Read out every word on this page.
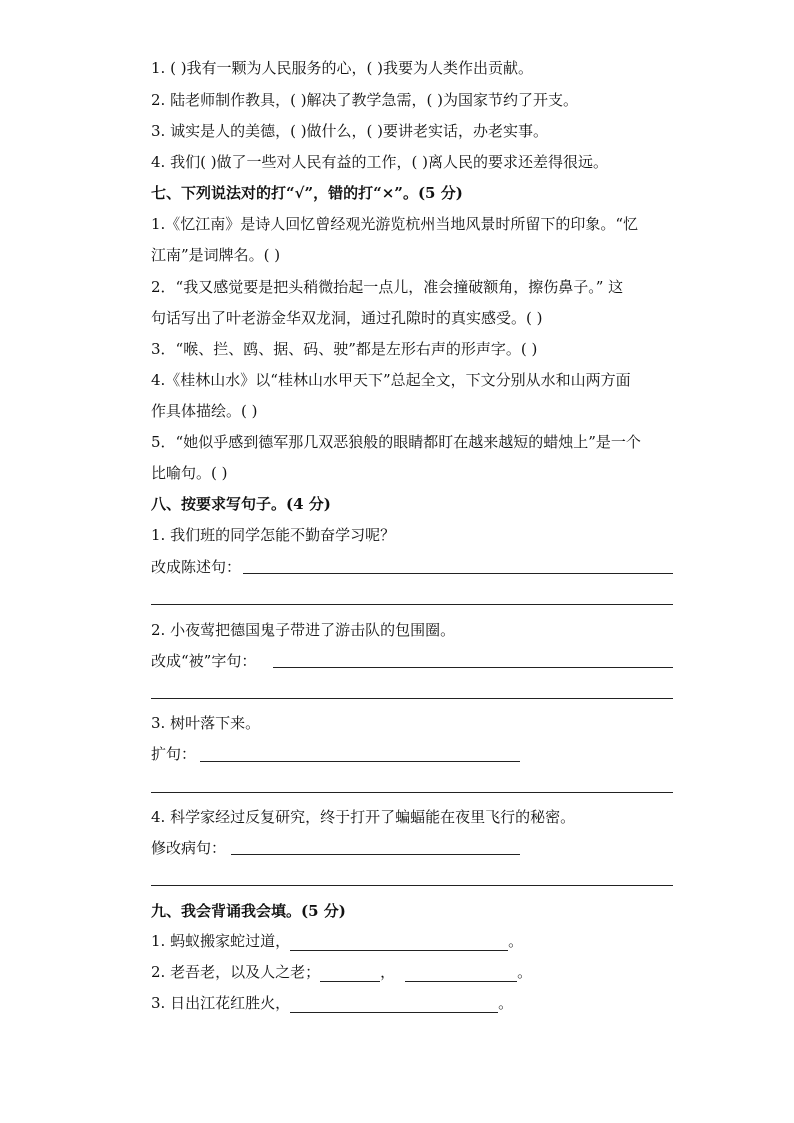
1. ( )我有一颗为人民服务的心，( )我要为人类作出贡献。
2. 陆老师制作教具，( )解决了教学急需，( )为国家节约了开支。
3. 诚实是人的美德，( )做什么，( )要讲老实话，办老实事。
4. 我们( )做了一些对人民有益的工作，( )离人民的要求还差得很远。
七、下列说法对的打“√”，错的打“×”。(5 分)
1.《忆江南》是诗人回忆曾经观光游览杭州当地风景时所留下的印象。“忆
江南”是词牌名。( )
2．“我又感觉要是把头稍微抬起一点儿，准会撞破额角，擦伤鼻子。” 这
句话写出了叶老游金华双龙洞，通过孔隙时的真实感受。( )
3．“喉、拦、鸥、据、码、驶”都是左形右声的形声字。( )
4.《桂林山水》以“桂林山水甲天下”总起全文，下文分别从水和山两方面
作具体描绘。( )
5．“她似乎感到德军那几双恶狼般的眼睛都盯在越来越短的蜡烛上”是一个
比喻句。( )
八、按要求写句子。(4 分)
1. 我们班的同学怎能不勤奋学习呢？
改成陈述句：
2. 小夜莺把德国鬼子带进了游击队的包围圈。
改成“被”字句：
3. 树叶落下来。
扩句：
4. 科学家经过反复研究，终于打开了蝙蝠能在夜里飞行的秘密。
修改病句：
九、我会背诵我会填。(5 分)
1. 蚂蚁搬家蛇过道，	。
2. 老吾老，以及人之老；	，	。
3. 日出江花红胜火，	。
